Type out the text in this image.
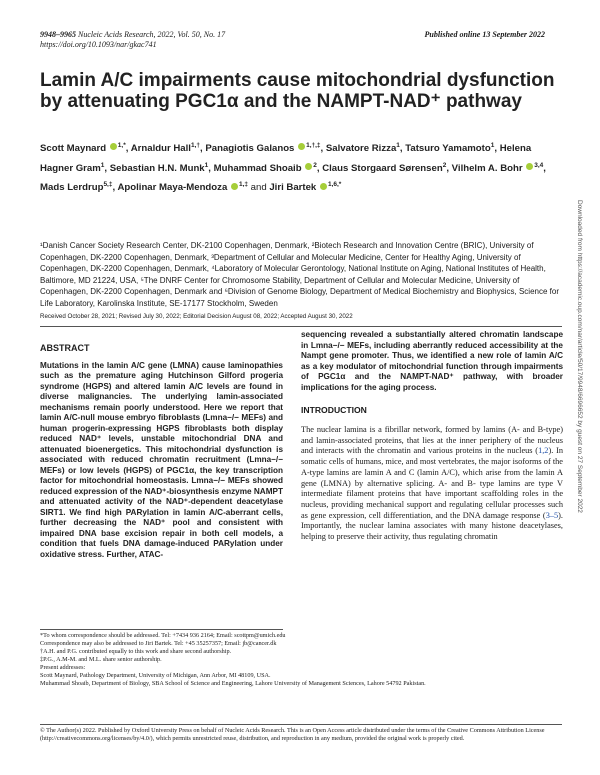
9948–9965 Nucleic Acids Research, 2022, Vol. 50, No. 17
https://doi.org/10.1093/nar/gkac741
Published online 13 September 2022
Lamin A/C impairments cause mitochondrial dysfunction by attenuating PGC1α and the NAMPT-NAD⁺ pathway
Scott Maynard $^{1,*}$, Arnaldur Hall$^{1,\dagger}$, Panagiotis Galanos $^{1,\dagger,\ddagger}$, Salvatore Rizza$^1$, Tatsuro Yamamoto$^1$, Helena Hagner Gram$^1$, Sebastian H.N. Munk$^1$, Muhammad Shoaib $^2$, Claus Storgaard Sørensen$^2$, Vilhelm A. Bohr $^{3,4}$, Mads Lerdrup$^{5,\ddagger}$, Apolinar Maya-Mendoza $^{1,\ddagger}$ and Jiri Bartek $^{1,6,*}$
¹Danish Cancer Society Research Center, DK-2100 Copenhagen, Denmark, ²Biotech Research and Innovation Centre (BRIC), University of Copenhagen, DK-2200 Copenhagen, Denmark, ³Department of Cellular and Molecular Medicine, Center for Healthy Aging, University of Copenhagen, DK-2200 Copenhagen, Denmark, ⁴Laboratory of Molecular Gerontology, National Institute on Aging, National Institutes of Health, Baltimore, MD 21224, USA, ⁵The DNRF Center for Chromosome Stability, Department of Cellular and Molecular Medicine, University of Copenhagen, DK-2200 Copenhagen, Denmark and ⁶Division of Genome Biology, Department of Medical Biochemistry and Biophysics, Science for Life Laboratory, Karolinska Institute, SE-17177 Stockholm, Sweden
Received October 28, 2021; Revised July 30, 2022; Editorial Decision August 08, 2022; Accepted August 30, 2022
ABSTRACT
Mutations in the lamin A/C gene (LMNA) cause laminopathies such as the premature aging Hutchinson Gilford progeria syndrome (HGPS) and altered lamin A/C levels are found in diverse malignancies. The underlying lamin-associated mechanisms remain poorly understood. Here we report that lamin A/C-null mouse embryo fibroblasts (Lmna−/− MEFs) and human progerin-expressing HGPS fibroblasts both display reduced NAD⁺ levels, unstable mitochondrial DNA and attenuated bioenergetics. This mitochondrial dysfunction is associated with reduced chromatin recruitment (Lmna−/− MEFs) or low levels (HGPS) of PGC1α, the key transcription factor for mitochondrial homeostasis. Lmna−/− MEFs showed reduced expression of the NAD⁺-biosynthesis enzyme NAMPT and attenuated activity of the NAD⁺-dependent deacetylase SIRT1. We find high PARylation in lamin A/C-aberrant cells, further decreasing the NAD⁺ pool and consistent with impaired DNA base excision repair in both cell models, a condition that fuels DNA damage-induced PARylation under oxidative stress. Further, ATAC-
sequencing revealed a substantially altered chromatin landscape in Lmna−/− MEFs, including aberrantly reduced accessibility at the Nampt gene promoter. Thus, we identified a new role of lamin A/C as a key modulator of mitochondrial function through impairments of PGC1α and the NAMPT-NAD⁺ pathway, with broader implications for the aging process.
INTRODUCTION
The nuclear lamina is a fibrillar network, formed by lamins (A- and B-type) and lamin-associated proteins, that lies at the inner periphery of the nucleus and interacts with the chromatin and various proteins in the nucleus (1,2). In somatic cells of humans, mice, and most vertebrates, the major isoforms of the A-type lamins are lamin A and C (lamin A/C), which arise from the lamin A gene (LMNA) by alternative splicing. A- and B- type lamins are type V intermediate filament proteins that have important scaffolding roles in the nucleus, providing mechanical support and regulating cellular processes such as gene expression, cell differentiation, and the DNA damage response (3–5). Importantly, the nuclear lamina associates with many histone deacetylases, helping to preserve their activity, thus regulating chromatin
*To whom correspondence should be addressed. Tel: +7434 936 2164; Email: scottpm@umich.edu
Correspondence may also be addressed to Jiri Bartek. Tel: +45 35257357; Email: jb@cancer.dk
†A.H. and P.G. contributed equally to this work and share second authorship.
‡P.G., A.M-M. and M.L. share senior authorship.
Present addresses:
Scott Maynard, Pathology Department, University of Michigan, Ann Arbor, MI 48109, USA.
Muhammad Shoaib, Department of Biology, SBA School of Science and Engineering, Lahore University of Management Sciences, Lahore 54792 Pakistan.
© The Author(s) 2022. Published by Oxford University Press on behalf of Nucleic Acids Research. This is an Open Access article distributed under the terms of the Creative Commons Attribution License (http://creativecommons.org/licenses/by/4.0/), which permits unrestricted reuse, distribution, and reproduction in any medium, provided the original work is properly cited.
Downloaded from https://academic.oup.com/nar/article/50/17/9948/6696652 by guest on 27 September 2022
